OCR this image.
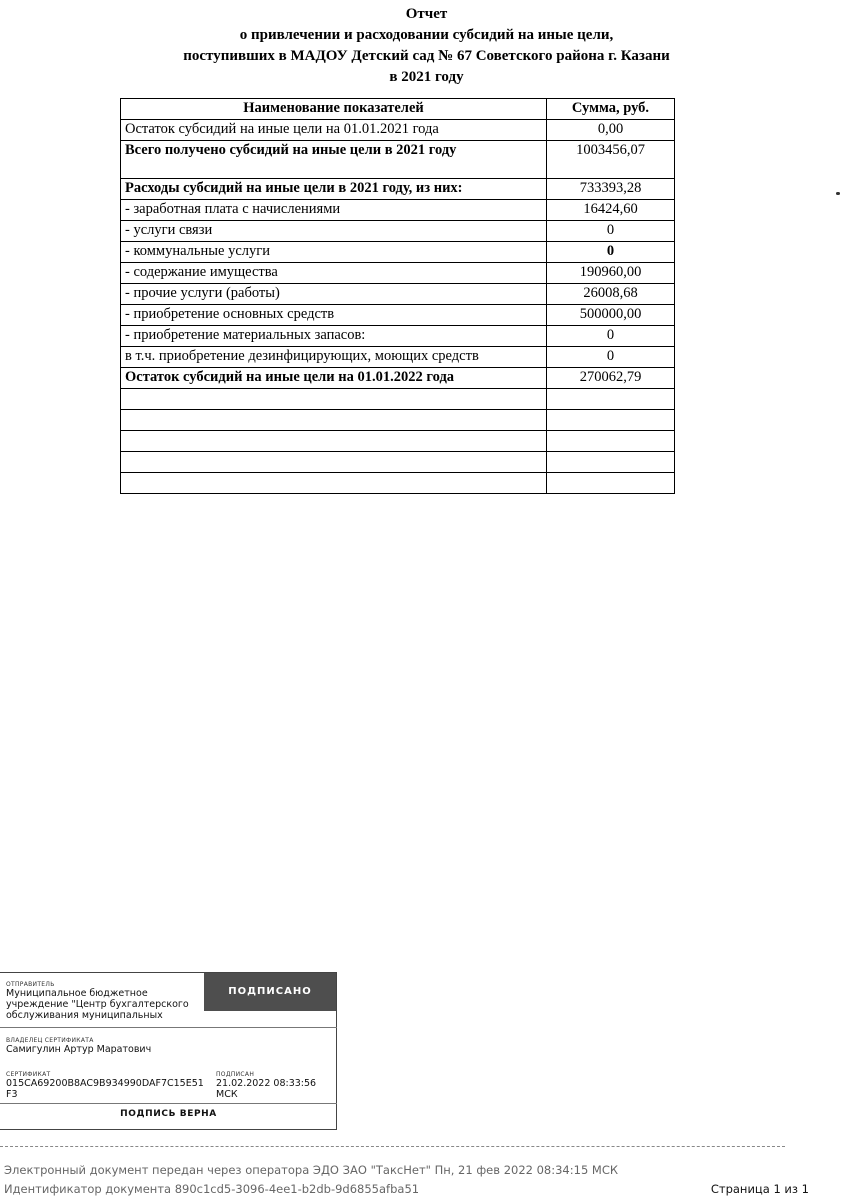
Отчет
о привлечении и расходовании субсидий на иные цели,
поступивших в МАДОУ Детский сад № 67 Советского района г. Казани
в 2021 году
Наименование показателей	Сумма, руб.
Остаток субсидий на иные цели на 01.01.2021 года	0,00
Всего получено субсидий на иные цели в 2021 году	1003456,07
Расходы субсидий на иные цели в 2021 году, из них:	733393,28
- заработная плата с начислениями	16424,60
- услуги связи	0
- коммунальные услуги	0
- содержание имущества	190960,00
- прочие услуги (работы)	26008,68
- приобретение основных средств	500000,00
- приобретение материальных запасов:	0
в т.ч. приобретение дезинфицирующих, моющих средств	0
Остаток субсидий на иные цели на 01.01.2022 года	270062,79

ОТПРАВИТЕЛЬ
Муниципальное бюджетное учреждение "Центр бухгалтерского обслуживания муниципальных
ПОДПИСАНО
ВЛАДЕЛЕЦ СЕРТИФИКАТА
Самигулин Артур Маратович
СЕРТИФИКАТ
015CA69200B8AC9B934990DAF7C15E51F3
ПОДПИСАН
21.02.2022 08:33:56 МСК
ПОДПИСЬ ВЕРНА
Электронный документ передан через оператора ЭДО ЗАО "ТаксНет" Пн, 21 фев 2022 08:34:15 МСК
Идентификатор документа 890c1cd5-3096-4ee1-b2db-9d6855afba51	Страница 1 из 1
